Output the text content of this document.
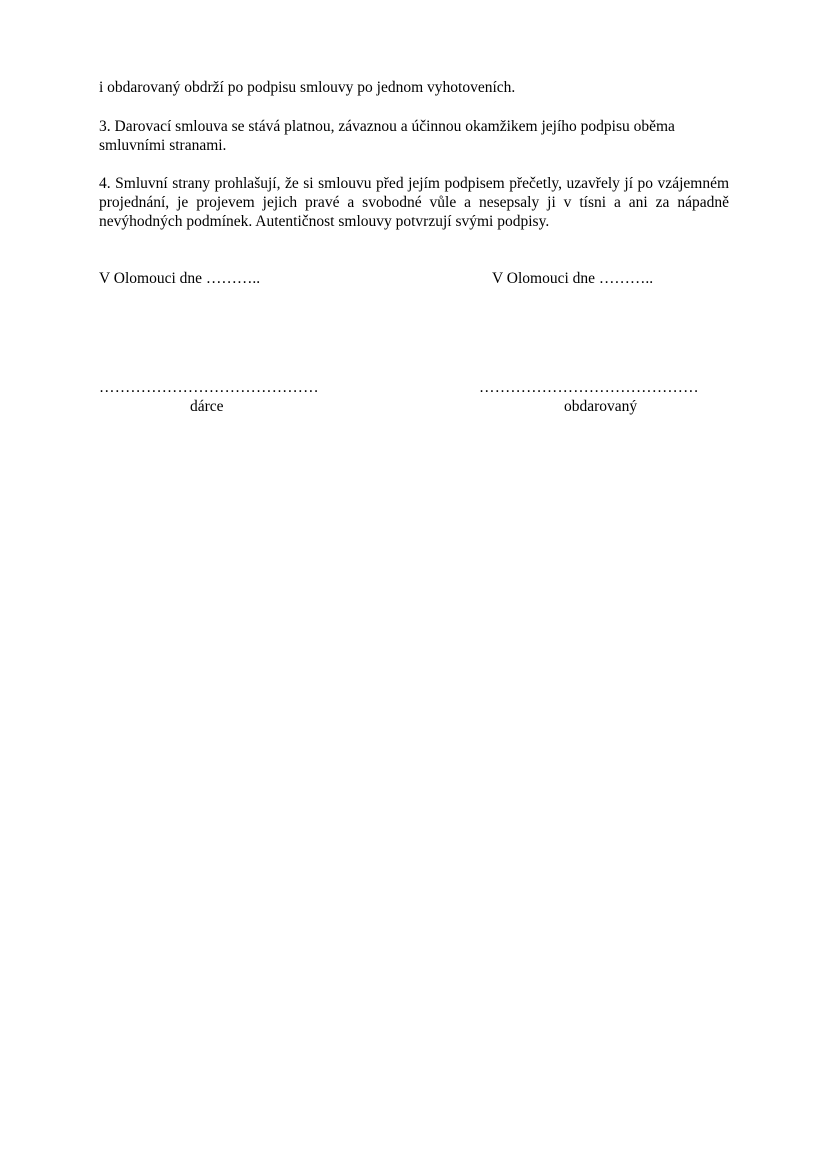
i obdarovaný obdrží po podpisu smlouvy po jednom vyhotoveních.
3. Darovací smlouva se stává platnou, závaznou a účinnou okamžikem jejího podpisu oběma smluvními stranami.
4. Smluvní strany prohlašují, že si smlouvu před jejím podpisem přečetly, uzavřely jí po vzájemném projednání, je projevem jejich pravé a svobodné vůle a nesepsaly ji v tísni a ani za nápadně nevýhodných podmínek. Autentičnost smlouvy potvrzují svými podpisy.
V Olomouci dne ………..	V Olomouci dne ………..
……………………………………	……………………………………
dárce	obdarovaný
